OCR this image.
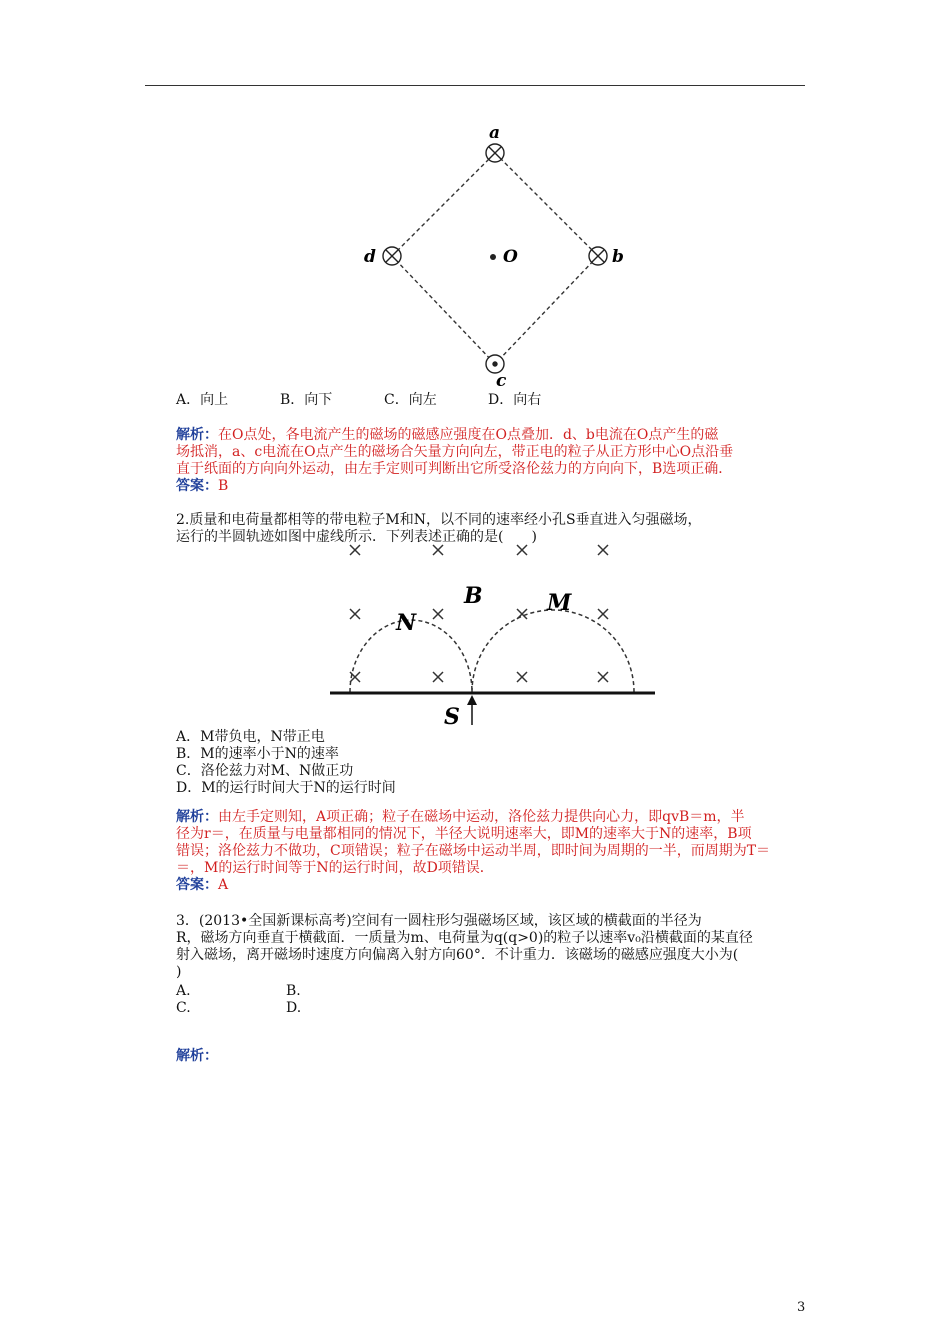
a
b
d
c
O
A．向上	B．向下	C．向左	D．向右
解析：在O点处，各电流产生的磁场的磁感应强度在O点叠加．d、b电流在O点产生的磁
场抵消，a、c电流在O点产生的磁场合矢量方向向左，带正电的粒子从正方形中心O点沿垂
直于纸面的方向向外运动，由左手定则可判断出它所受洛伦兹力的方向向下，B选项正确．
答案：B
2.质量和电荷量都相等的带电粒子M和N，以不同的速率经小孔S垂直进入匀强磁场，
运行的半圆轨迹如图中虚线所示．下列表述正确的是(　　)
B	M
N
S
A．M带负电，N带正电
B．M的速率小于N的速率
C．洛伦兹力对M、N做正功
D．M的运行时间大于N的运行时间
解析：由左手定则知，A项正确；粒子在磁场中运动，洛伦兹力提供向心力，即qvB＝m，半
径为r＝，在质量与电量都相同的情况下，半径大说明速率大，即M的速率大于N的速率，B项
错误；洛伦兹力不做功，C项错误；粒子在磁场中运动半周，即时间为周期的一半，而周期为T＝
＝，M的运行时间等于N的运行时间，故D项错误．
答案：A
3．(2013•全国新课标高考)空间有一圆柱形匀强磁场区域，该区域的横截面的半径为
R，磁场方向垂直于横截面．一质量为m、电荷量为q(q>0)的粒子以速率v₀沿横截面的某直径
射入磁场，离开磁场时速度方向偏离入射方向60°．不计重力．该磁场的磁感应强度大小为(
)
A.	B.
C.	D.
解析：
3
